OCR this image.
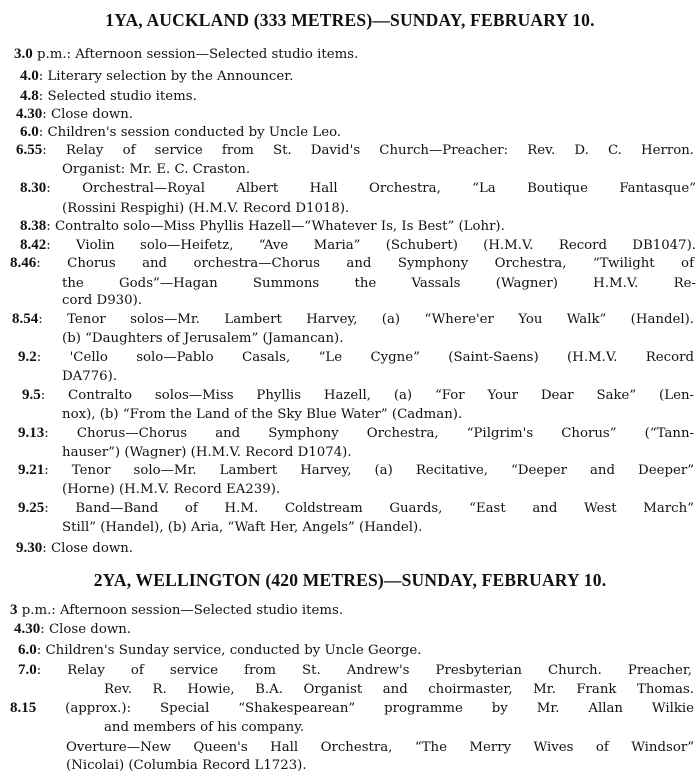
1YA, AUCKLAND (333 METRES)—SUNDAY, FEBRUARY 10.
3.0 p.m.: Afternoon session—Selected studio items.
4.0: Literary selection by the Announcer.
4.8: Selected studio items.
4.30: Close down.
6.0: Children's session conducted by Uncle Leo.
6.55: Relay of service from St. David's Church—Preacher: Rev. D. C. Herron.
Organist: Mr. E. C. Craston.
8.30: Orchestral—Royal Albert Hall Orchestra, “La Boutique Fantasque”
(Rossini Respighi) (H.M.V. Record D1018).
8.38: Contralto solo—Miss Phyllis Hazell—“Whatever Is, Is Best” (Lohr).
8.42: Violin solo—Heifetz, “Ave Maria” (Schubert) (H.M.V. Record DB1047).
8.46: Chorus and orchestra—Chorus and Symphony Orchestra, “Twilight of
the Gods”—Hagan Summons the Vassals (Wagner) H.M.V. Re-
cord D930).
8.54: Tenor solos—Mr. Lambert Harvey, (a) “Where'er You Walk” (Handel).
(b) “Daughters of Jerusalem” (Jamancan).
9.2: 'Cello solo—Pablo Casals, “Le Cygne” (Saint-Saens) (H.M.V. Record
DA776).
9.5: Contralto solos—Miss Phyllis Hazell, (a) “For Your Dear Sake” (Len-
nox), (b) “From the Land of the Sky Blue Water” (Cadman).
9.13: Chorus—Chorus and Symphony Orchestra, “Pilgrim's Chorus” (“Tann-
hauser”) (Wagner) (H.M.V. Record D1074).
9.21: Tenor solo—Mr. Lambert Harvey, (a) Recitative, “Deeper and Deeper”
(Horne) (H.M.V. Record EA239).
9.25: Band—Band of H.M. Coldstream Guards, “East and West March”
Still” (Handel), (b) Aria, “Waft Her, Angels” (Handel).
9.30: Close down.
2YA, WELLINGTON (420 METRES)—SUNDAY, FEBRUARY 10.
3 p.m.: Afternoon session—Selected studio items.
4.30: Close down.
6.0: Children's Sunday service, conducted by Uncle George.
7.0: Relay of service from St. Andrew's Presbyterian Church. Preacher,
Rev. R. Howie, B.A. Organist and choirmaster, Mr. Frank Thomas.
8.15 (approx.): Special “Shakespearean” programme by Mr. Allan Wilkie
and members of his company.
Overture—New Queen's Hall Orchestra, “The Merry Wives of Windsor”
(Nicolai) (Columbia Record L1723).
